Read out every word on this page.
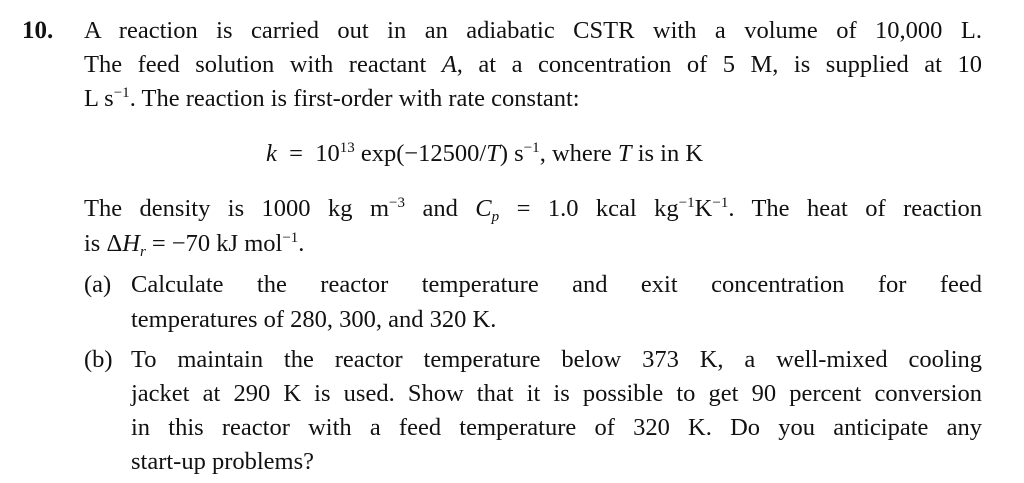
10. A reaction is carried out in an adiabatic CSTR with a volume of 10,000 L.
The feed solution with reactant A, at a concentration of 5 M, is supplied at 10
L $s^{-1}$. The reaction is first-order with rate constant:
$k = 10^{13}$ exp(−12500/T) $s^{-1}$, where T is in K
The density is 1000 kg $m^{-3}$ and $C_p = 1.0$ kcal $kg^{-1}K^{-1}$. The heat of reaction
is $\Delta H_r = -70$ kJ mol$^{-1}$.
(a) Calculate the reactor temperature and exit concentration for feed
temperatures of 280, 300, and 320 K.
(b) To maintain the reactor temperature below 373 K, a well-mixed cooling
jacket at 290 K is used. Show that it is possible to get 90 percent conversion
in this reactor with a feed temperature of 320 K. Do you anticipate any
start-up problems?
